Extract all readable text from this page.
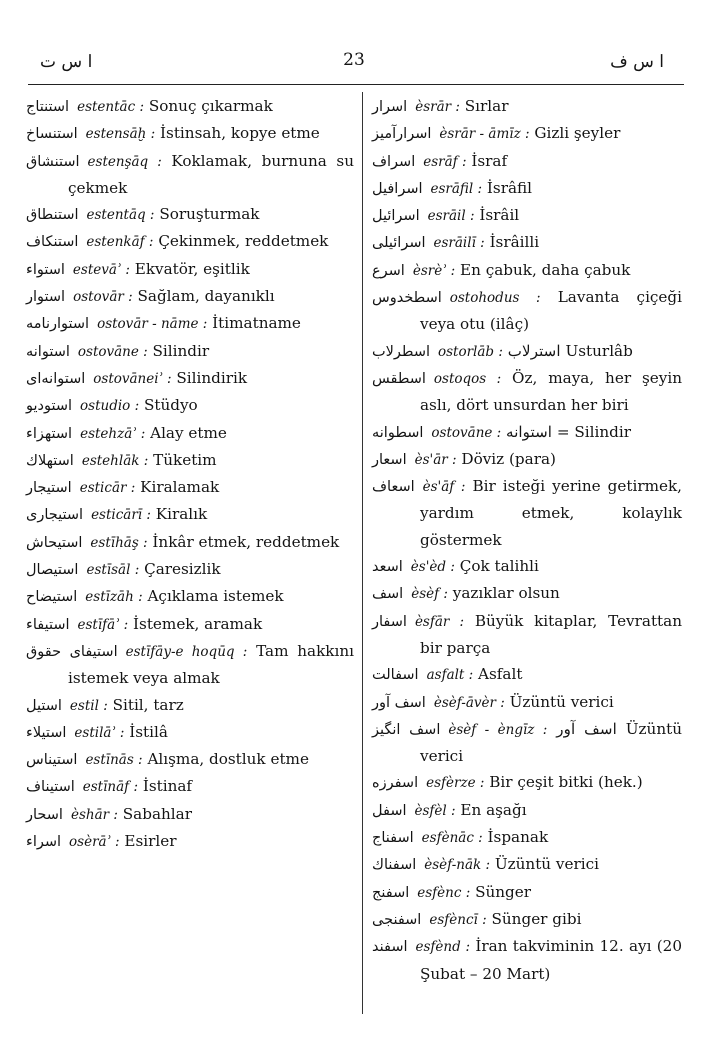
ا س ت	23	ا س ف
استنتاج estentāc : Sonuç çıkarmak
استنساخ estensāḫ : İstinsah, kopye etme
استنشاق estenşāq : Koklamak, burnuna su çekmek
استنطاق estentāq : Soruşturmak
استنكاف estenkāf : Çekinmek, reddetmek
استواء estevāʾ : Ekvatör, eşitlik
استوار ostovār : Sağlam, dayanıklı
استوارنامه ostovār - nāme : İtimatname
استوانه ostovāne : Silindir
استوانه‌ای ostovāneiʾ : Silindirik
استوديو ostudio : Stüdyo
استهزاء estehzāʾ : Alay etme
استهلاك estehlāk : Tüketim
استيجار esticār : Kiralamak
استيجاری esticārī : Kiralık
استيحاش estīhāş : İnkâr etmek, reddetmek
استيصال estīsāl : Çaresizlik
استيضاح estīzāh : Açıklama istemek
استيفاء estīfāʾ : İstemek, aramak
استيفای حقوق estīfāy-e hoqūq : Tam hakkını istemek veya almak
استيل estil : Sitil, tarz
استيلاء estilāʾ : İstilâ
استيناس estīnās : Alışma, dostluk etme
استيناف estīnāf : İstinaf
اسحار èshār : Sabahlar
اسراء osèrāʾ : Esirler
اسرار èsrār : Sırlar
اسرارآميز èsrār - āmīz : Gizli şeyler
اسراف esrāf : İsraf
اسرافيل esrāfil : İsrâfil
اسرائيل esrāil : İsrâil
اسرائيلی esrāilī : İsrâilli
اسرع èsrèʾ : En çabuk, daha çabuk
اسطخدوس ostohodus : Lavanta çiçeği veya otu (ilâç)
اسطرلاب ostorlāb : استرلاب Usturlâb
اسطقس ostoqos : Öz, maya, her şeyin aslı, dört unsurdan her biri
اسطوانه ostovāne : استوانه = Silindir
اسعار ès'ār : Döviz (para)
اسعاف ès'āf : Bir isteği yerine getirmek, yardım etmek, kolaylık göstermek
اسعد ès'èd : Çok talihli
اسف èsèf : yazıklar olsun
اسفار èsfār : Büyük kitaplar, Tevrattan bir parça
اسفالت asfalt : Asfalt
اسف آور èsèf-āvèr : Üzüntü verici
اسف انگيز èsèf - èngīz : اسف آور Üzüntü verici
اسفرزه esfèrze : Bir çeşit bitki (hek.)
اسفل èsfèl : En aşağı
اسفناج esfènāc : İspanak
اسفناك èsèf-nāk : Üzüntü verici
اسفنج esfènc : Sünger
اسفنجی esfèncī : Sünger gibi
اسفند esfènd : İran takviminin 12. ayı (20 Şubat – 20 Mart)
